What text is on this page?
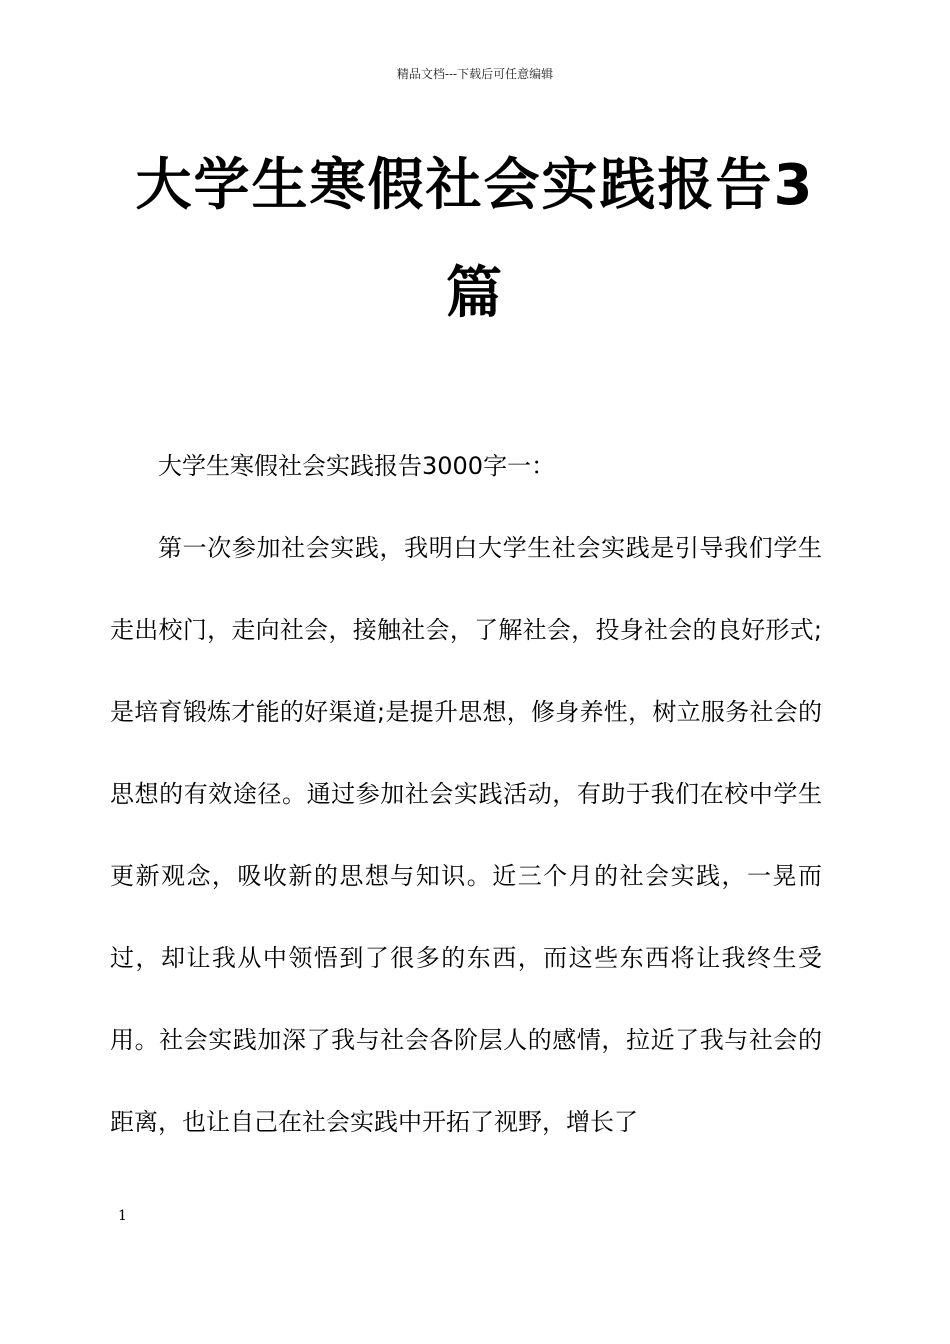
精品文档---下载后可任意编辑
大学生寒假社会实践报告3篇

大学生寒假社会实践报告3000字一：

第一次参加社会实践，我明白大学生社会实践是引导我们学生走出校门，走向社会，接触社会，了解社会，投身社会的良好形式;是培育锻炼才能的好渠道;是提升思想，修身养性，树立服务社会的思想的有效途径。通过参加社会实践活动，有助于我们在校中学生更新观念，吸收新的思想与知识。近三个月的社会实践，一晃而过，却让我从中领悟到了很多的东西，而这些东西将让我终生受用。社会实践加深了我与社会各阶层人的感情，拉近了我与社会的距离，也让自己在社会实践中开拓了视野，增长了

1
